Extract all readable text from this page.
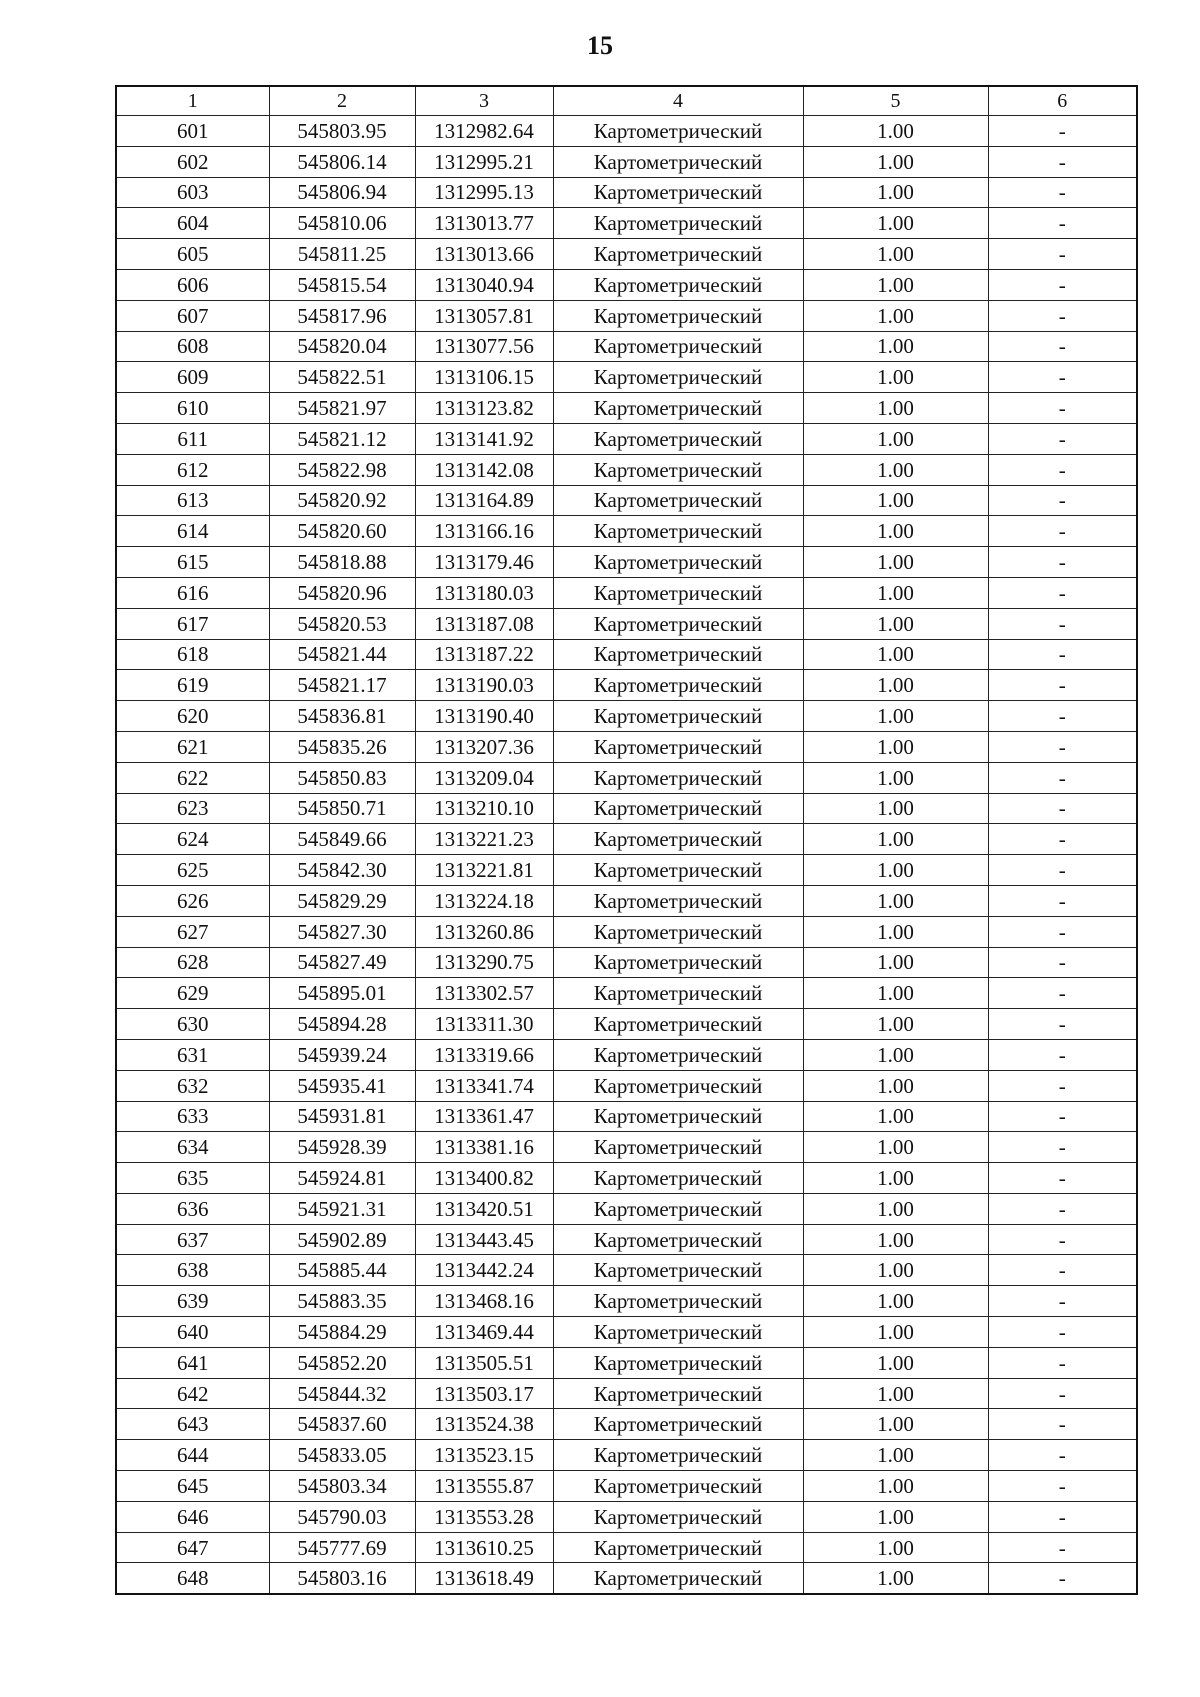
15
1	2	3	4	5	6
601	545803.95	1312982.64	Картометрический	1.00	-
602	545806.14	1312995.21	Картометрический	1.00	-
603	545806.94	1312995.13	Картометрический	1.00	-
604	545810.06	1313013.77	Картометрический	1.00	-
605	545811.25	1313013.66	Картометрический	1.00	-
606	545815.54	1313040.94	Картометрический	1.00	-
607	545817.96	1313057.81	Картометрический	1.00	-
608	545820.04	1313077.56	Картометрический	1.00	-
609	545822.51	1313106.15	Картометрический	1.00	-
610	545821.97	1313123.82	Картометрический	1.00	-
611	545821.12	1313141.92	Картометрический	1.00	-
612	545822.98	1313142.08	Картометрический	1.00	-
613	545820.92	1313164.89	Картометрический	1.00	-
614	545820.60	1313166.16	Картометрический	1.00	-
615	545818.88	1313179.46	Картометрический	1.00	-
616	545820.96	1313180.03	Картометрический	1.00	-
617	545820.53	1313187.08	Картометрический	1.00	-
618	545821.44	1313187.22	Картометрический	1.00	-
619	545821.17	1313190.03	Картометрический	1.00	-
620	545836.81	1313190.40	Картометрический	1.00	-
621	545835.26	1313207.36	Картометрический	1.00	-
622	545850.83	1313209.04	Картометрический	1.00	-
623	545850.71	1313210.10	Картометрический	1.00	-
624	545849.66	1313221.23	Картометрический	1.00	-
625	545842.30	1313221.81	Картометрический	1.00	-
626	545829.29	1313224.18	Картометрический	1.00	-
627	545827.30	1313260.86	Картометрический	1.00	-
628	545827.49	1313290.75	Картометрический	1.00	-
629	545895.01	1313302.57	Картометрический	1.00	-
630	545894.28	1313311.30	Картометрический	1.00	-
631	545939.24	1313319.66	Картометрический	1.00	-
632	545935.41	1313341.74	Картометрический	1.00	-
633	545931.81	1313361.47	Картометрический	1.00	-
634	545928.39	1313381.16	Картометрический	1.00	-
635	545924.81	1313400.82	Картометрический	1.00	-
636	545921.31	1313420.51	Картометрический	1.00	-
637	545902.89	1313443.45	Картометрический	1.00	-
638	545885.44	1313442.24	Картометрический	1.00	-
639	545883.35	1313468.16	Картометрический	1.00	-
640	545884.29	1313469.44	Картометрический	1.00	-
641	545852.20	1313505.51	Картометрический	1.00	-
642	545844.32	1313503.17	Картометрический	1.00	-
643	545837.60	1313524.38	Картометрический	1.00	-
644	545833.05	1313523.15	Картометрический	1.00	-
645	545803.34	1313555.87	Картометрический	1.00	-
646	545790.03	1313553.28	Картометрический	1.00	-
647	545777.69	1313610.25	Картометрический	1.00	-
648	545803.16	1313618.49	Картометрический	1.00	-
